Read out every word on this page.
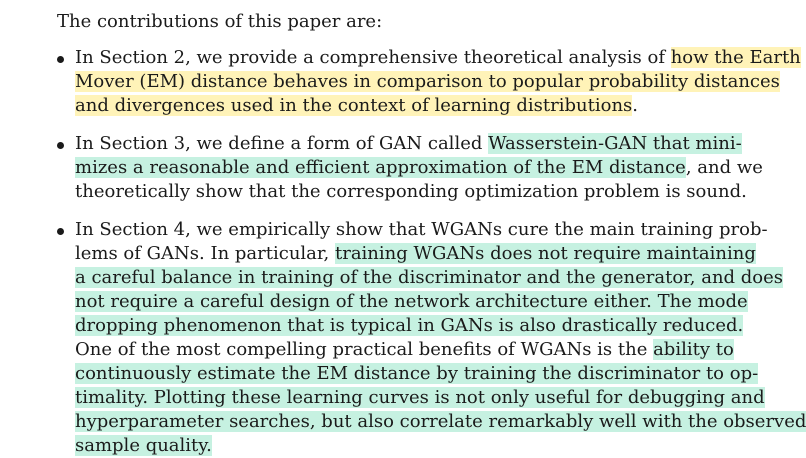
The contributions of this paper are:

In Section 2, we provide a comprehensive theoretical analysis of how the Earth
Mover (EM) distance behaves in comparison to popular probability distances
and divergences used in the context of learning distributions.
In Section 3, we define a form of GAN called Wasserstein-GAN that mini-
mizes a reasonable and efficient approximation of the EM distance, and we
theoretically show that the corresponding optimization problem is sound.
In Section 4, we empirically show that WGANs cure the main training prob-
lems of GANs. In particular, training WGANs does not require maintaining
a careful balance in training of the discriminator and the generator, and does
not require a careful design of the network architecture either. The mode
dropping phenomenon that is typical in GANs is also drastically reduced.
One of the most compelling practical benefits of WGANs is the ability to
continuously estimate the EM distance by training the discriminator to op-
timality. Plotting these learning curves is not only useful for debugging and
hyperparameter searches, but also correlate remarkably well with the observed
sample quality.
